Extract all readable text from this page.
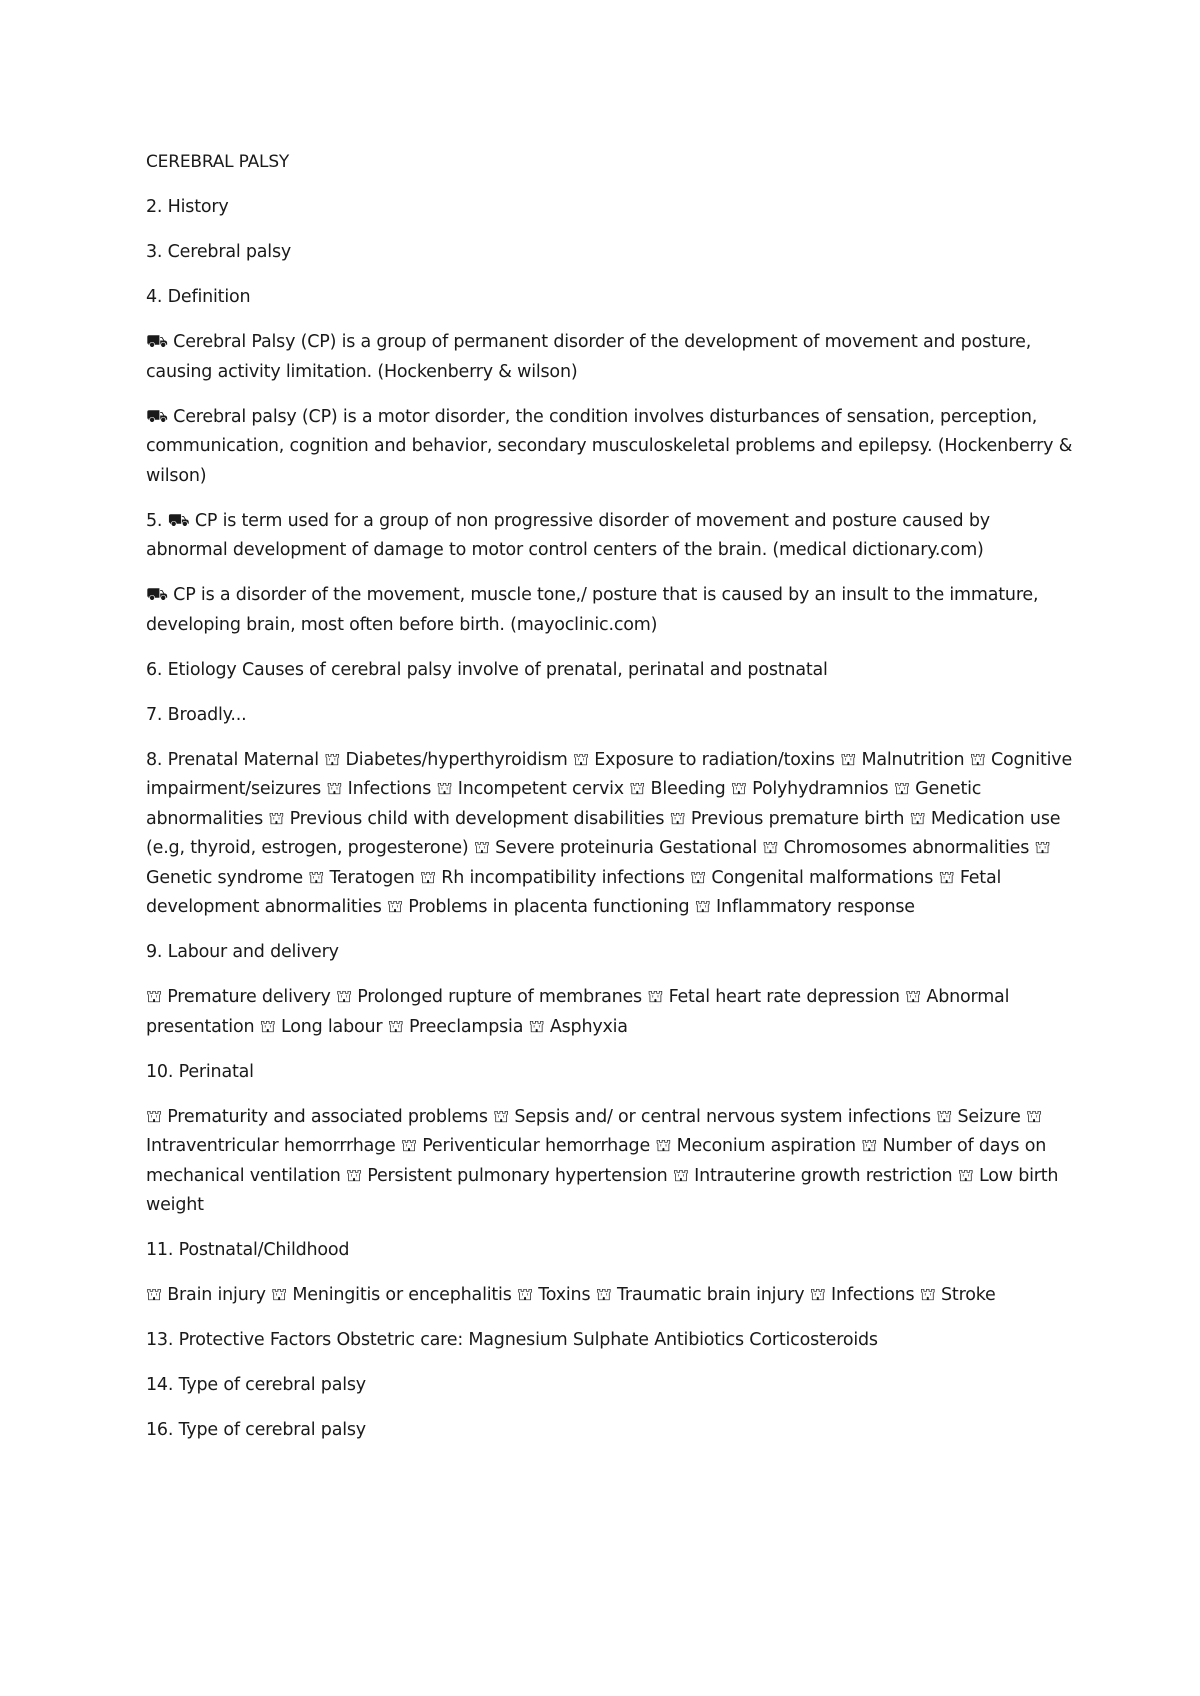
CEREBRAL PALSY

2. History

3. Cerebral palsy

4. Definition

⛟ Cerebral Palsy (CP) is a group of permanent disorder of the development of movement and posture, causing activity limitation. (Hockenberry & wilson)

⛟ Cerebral palsy (CP) is a motor disorder, the condition involves disturbances of sensation, perception, communication, cognition and behavior, secondary musculoskeletal problems and epilepsy. (Hockenberry & wilson)

5. ⛟ CP is term used for a group of non progressive disorder of movement and posture caused by abnormal development of damage to motor control centers of the brain. (medical dictionary.com)

⛟ CP is a disorder of the movement, muscle tone,/ posture that is caused by an insult to the immature, developing brain, most often before birth. (mayoclinic.com)

6. Etiology Causes of cerebral palsy involve of prenatal, perinatal and postnatal

7. Broadly...

8. Prenatal Maternal ⛫ Diabetes/hyperthyroidism ⛫ Exposure to radiation/toxins ⛫ Malnutrition ⛫ Cognitive impairment/seizures ⛫ Infections ⛫ Incompetent cervix ⛫ Bleeding ⛫ Polyhydramnios ⛫ Genetic abnormalities ⛫ Previous child with development disabilities ⛫ Previous premature birth ⛫ Medication use (e.g, thyroid, estrogen, progesterone) ⛫ Severe proteinuria Gestational ⛫ Chromosomes abnormalities ⛫ Genetic syndrome ⛫ Teratogen ⛫ Rh incompatibility infections ⛫ Congenital malformations ⛫ Fetal development abnormalities ⛫ Problems in placenta functioning ⛫ Inflammatory response

9. Labour and delivery

⛫ Premature delivery ⛫ Prolonged rupture of membranes ⛫ Fetal heart rate depression ⛫ Abnormal presentation ⛫ Long labour ⛫ Preeclampsia ⛫ Asphyxia

10. Perinatal

⛫ Prematurity and associated problems ⛫ Sepsis and/ or central nervous system infections ⛫ Seizure ⛫ Intraventricular hemorrrhage ⛫ Periventicular hemorrhage ⛫ Meconium aspiration ⛫ Number of days on mechanical ventilation ⛫ Persistent pulmonary hypertension ⛫ Intrauterine growth restriction ⛫ Low birth weight

11. Postnatal/Childhood

⛫ Brain injury ⛫ Meningitis or encephalitis ⛫ Toxins ⛫ Traumatic brain injury ⛫ Infections ⛫ Stroke

13. Protective Factors Obstetric care: Magnesium Sulphate Antibiotics Corticosteroids

14. Type of cerebral palsy

16. Type of cerebral palsy
